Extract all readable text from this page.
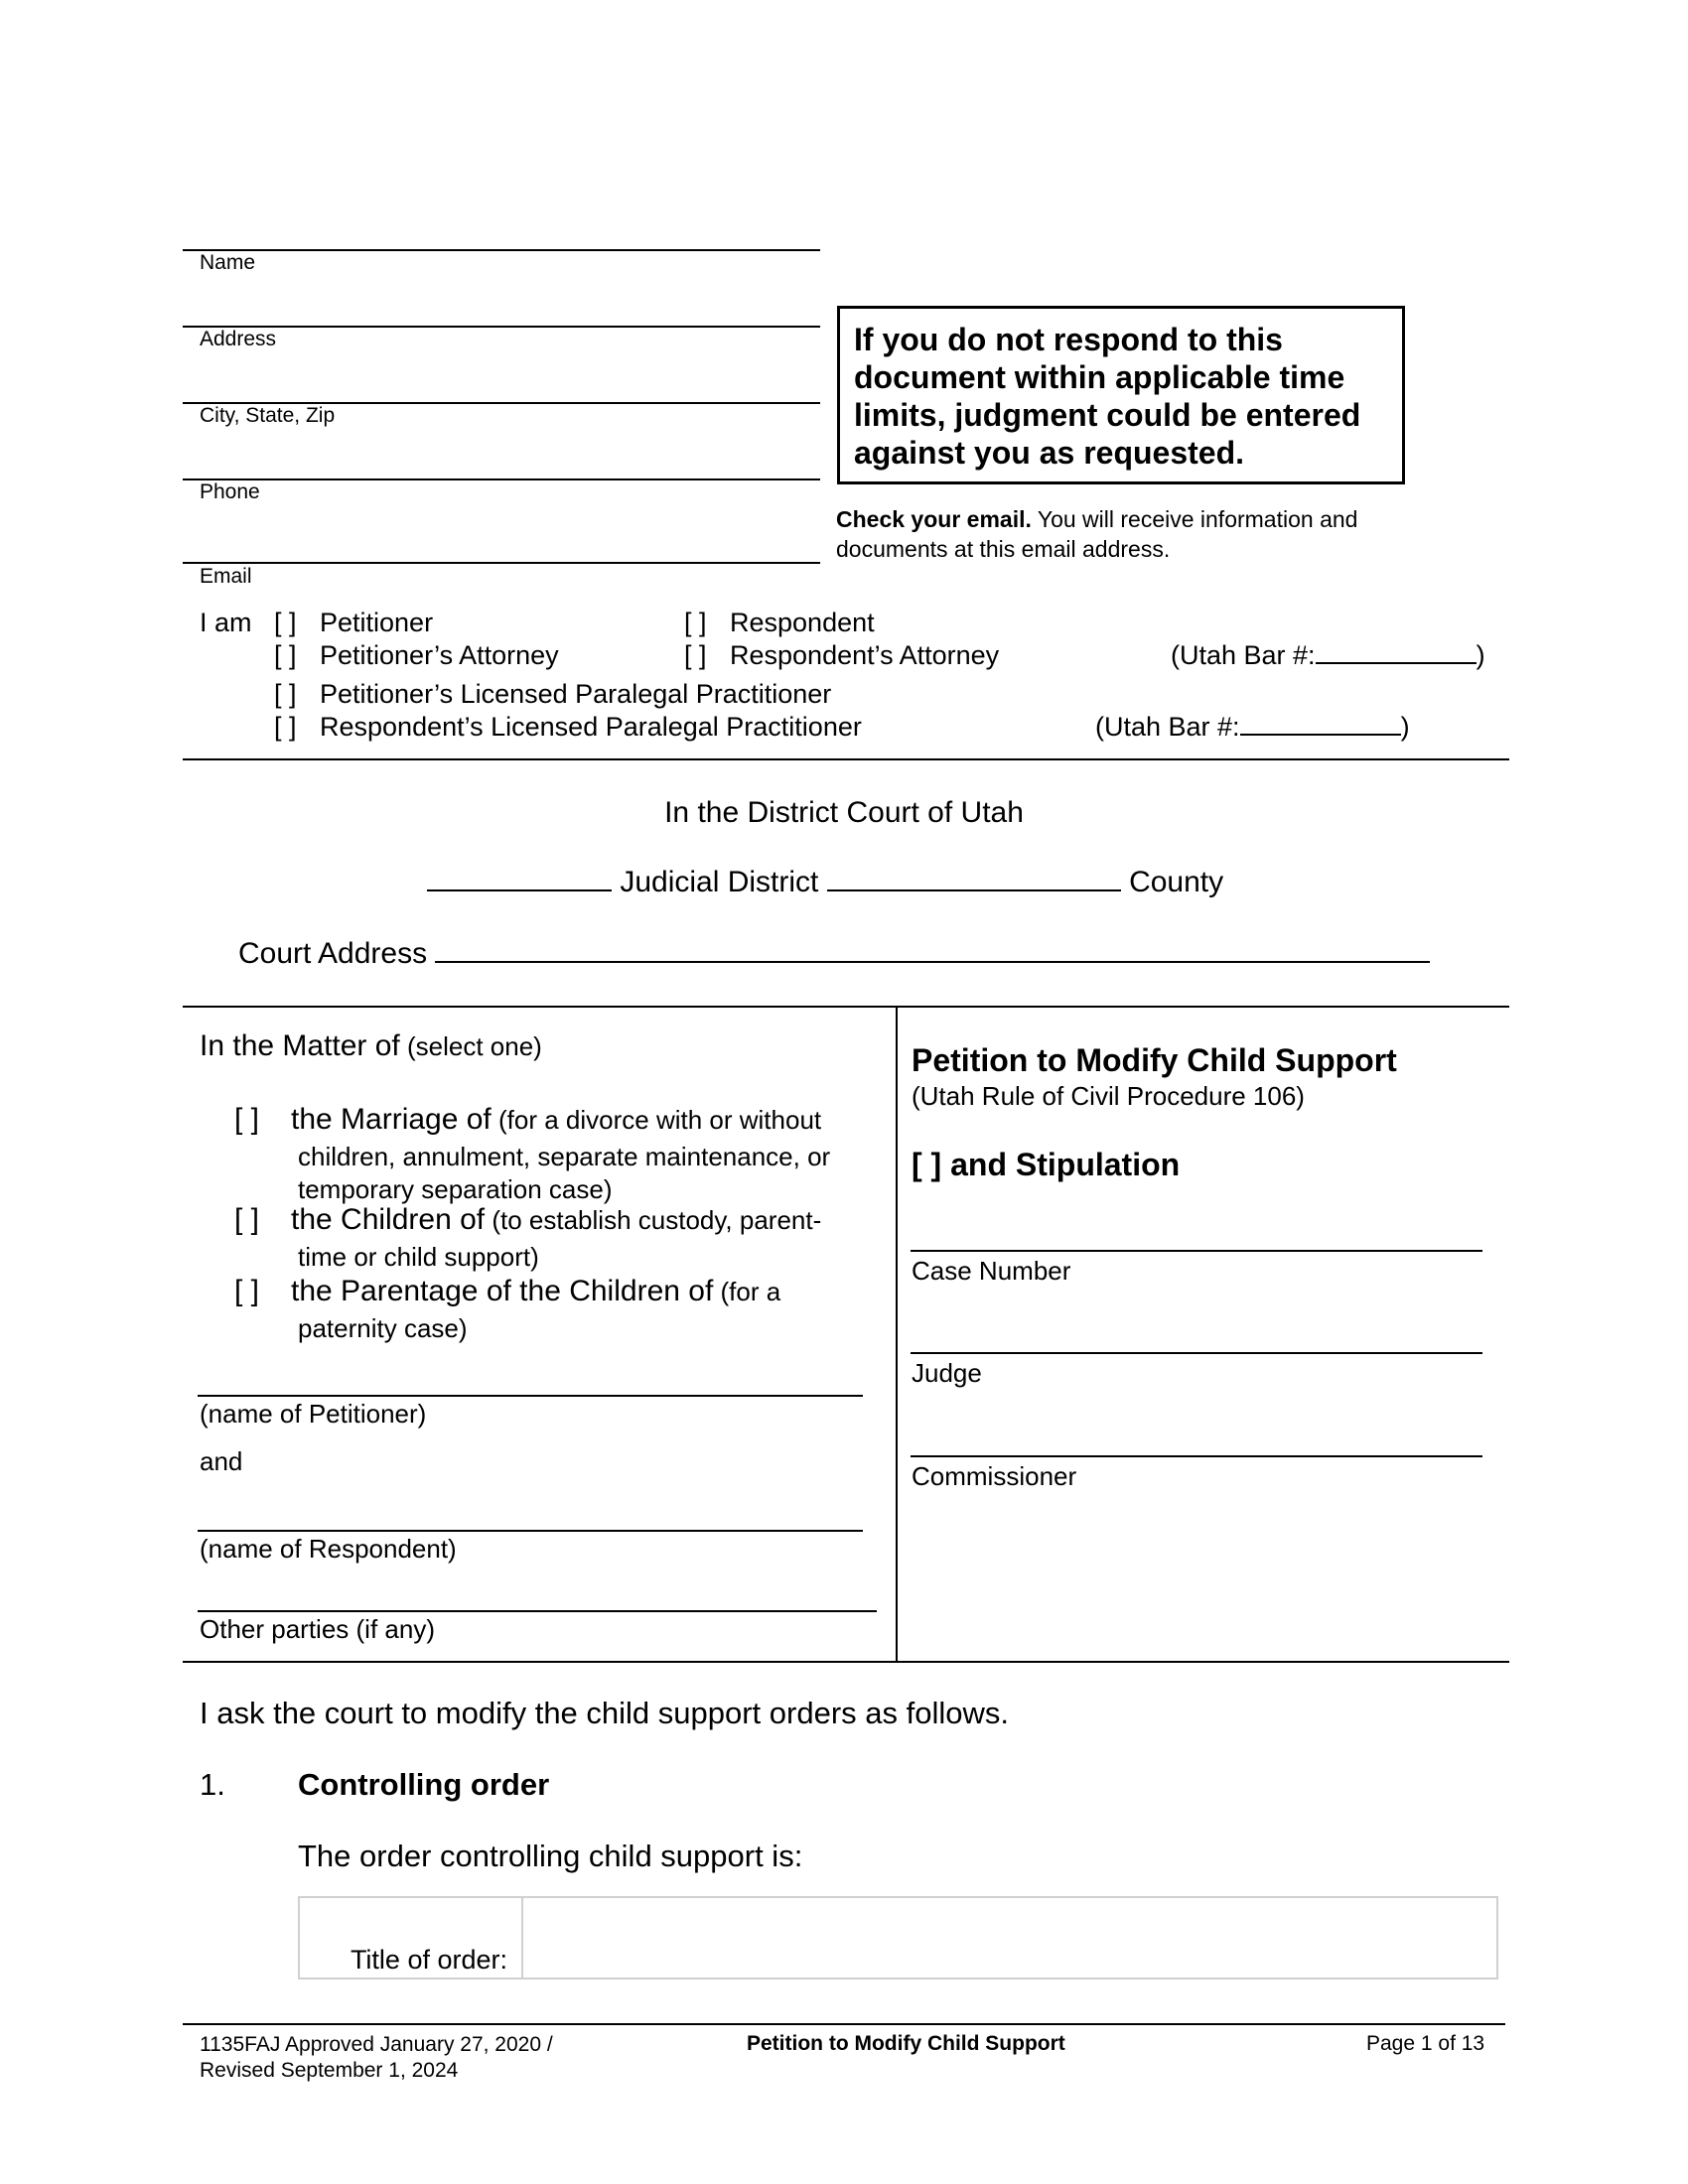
Name
Address
City, State, Zip
Phone
Email
If you do not respond to this
document within applicable time
limits, judgment could be entered
against you as requested.
Check your email. You will receive information and
documents at this email address.
I am [ ] Petitioner	[ ] Respondent
[ ] Petitioner’s Attorney	[ ] Respondent’s Attorney	(Utah Bar #:	)
[ ] Petitioner’s Licensed Paralegal Practitioner
[ ] Respondent’s Licensed Paralegal Practitioner	(Utah Bar #:	)
In the District Court of Utah
Judicial District	County
Court Address
In the Matter of (select one)
[ ] the Marriage of (for a divorce with or without
children, annulment, separate maintenance, or
temporary separation case)
[ ] the Children of (to establish custody, parent-
time or child support)
[ ] the Parentage of the Children of (for a
paternity case)
(name of Petitioner)
and
(name of Respondent)
Other parties (if any)
Petition to Modify Child Support
(Utah Rule of Civil Procedure 106)
[ ] and Stipulation
Case Number
Judge
Commissioner
I ask the court to modify the child support orders as follows.
1. Controlling order
The order controlling child support is:
Title of order:
1135FAJ Approved January 27, 2020 /
Revised September 1, 2024
Petition to Modify Child Support	Page 1 of 13
